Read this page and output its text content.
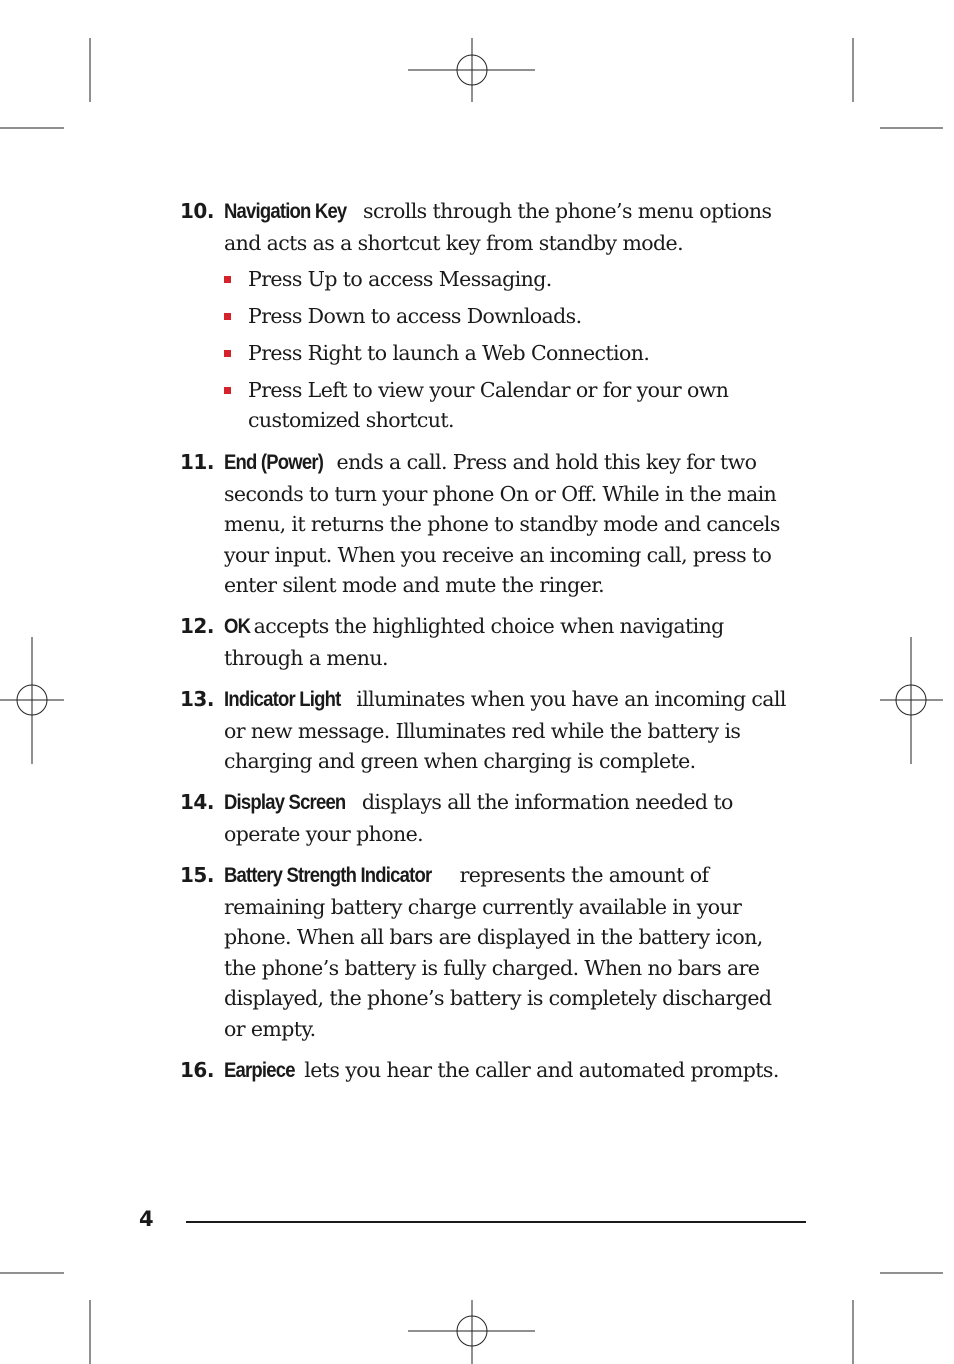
10. Navigation Key scrolls through the phone’s menu options and acts as a shortcut key from standby mode.
Press Up to access Messaging.
Press Down to access Downloads.
Press Right to launch a Web Connection.
Press Left to view your Calendar or for your own customized shortcut.
11. End (Power) ends a call. Press and hold this key for two seconds to turn your phone On or Off. While in the main menu, it returns the phone to standby mode and cancels your input. When you receive an incoming call, press to enter silent mode and mute the ringer.
12. OK accepts the highlighted choice when navigating through a menu.
13. Indicator Light illuminates when you have an incoming call or new message. Illuminates red while the battery is charging and green when charging is complete.
14. Display Screen displays all the information needed to operate your phone.
15. Battery Strength Indicator represents the amount of remaining battery charge currently available in your phone. When all bars are displayed in the battery icon, the phone’s battery is fully charged. When no bars are displayed, the phone’s battery is completely discharged or empty.
16. Earpiece lets you hear the caller and automated prompts.
4
